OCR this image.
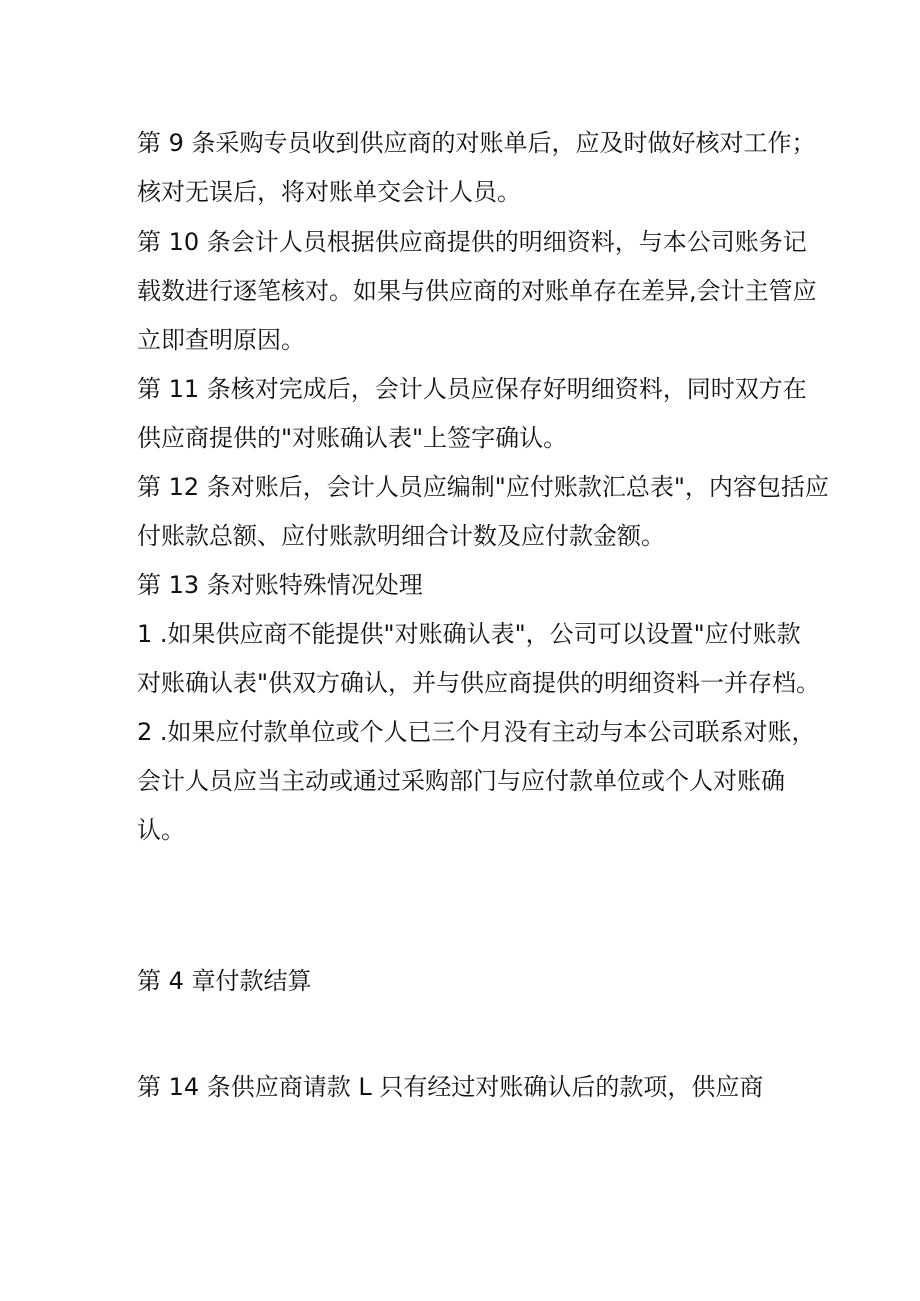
第 9 条采购专员收到供应商的对账单后，应及时做好核对工作；
核对无误后，将对账单交会计人员。
第 10 条会计人员根据供应商提供的明细资料，与本公司账务记
载数进行逐笔核对。如果与供应商的对账单存在差异,会计主管应
立即查明原因。
第 11 条核对完成后，会计人员应保存好明细资料，同时双方在
供应商提供的"对账确认表"上签字确认。
第 12 条对账后，会计人员应编制"应付账款汇总表"，内容包括应
付账款总额、应付账款明细合计数及应付款金额。
第 13 条对账特殊情况处理
1 .如果供应商不能提供"对账确认表"，公司可以设置"应付账款
对账确认表"供双方确认，并与供应商提供的明细资料一并存档。
2 .如果应付款单位或个人已三个月没有主动与本公司联系对账，
会计人员应当主动或通过采购部门与应付款单位或个人对账确
认。
第 4 章付款结算
第 14 条供应商请款 L 只有经过对账确认后的款项，供应商
